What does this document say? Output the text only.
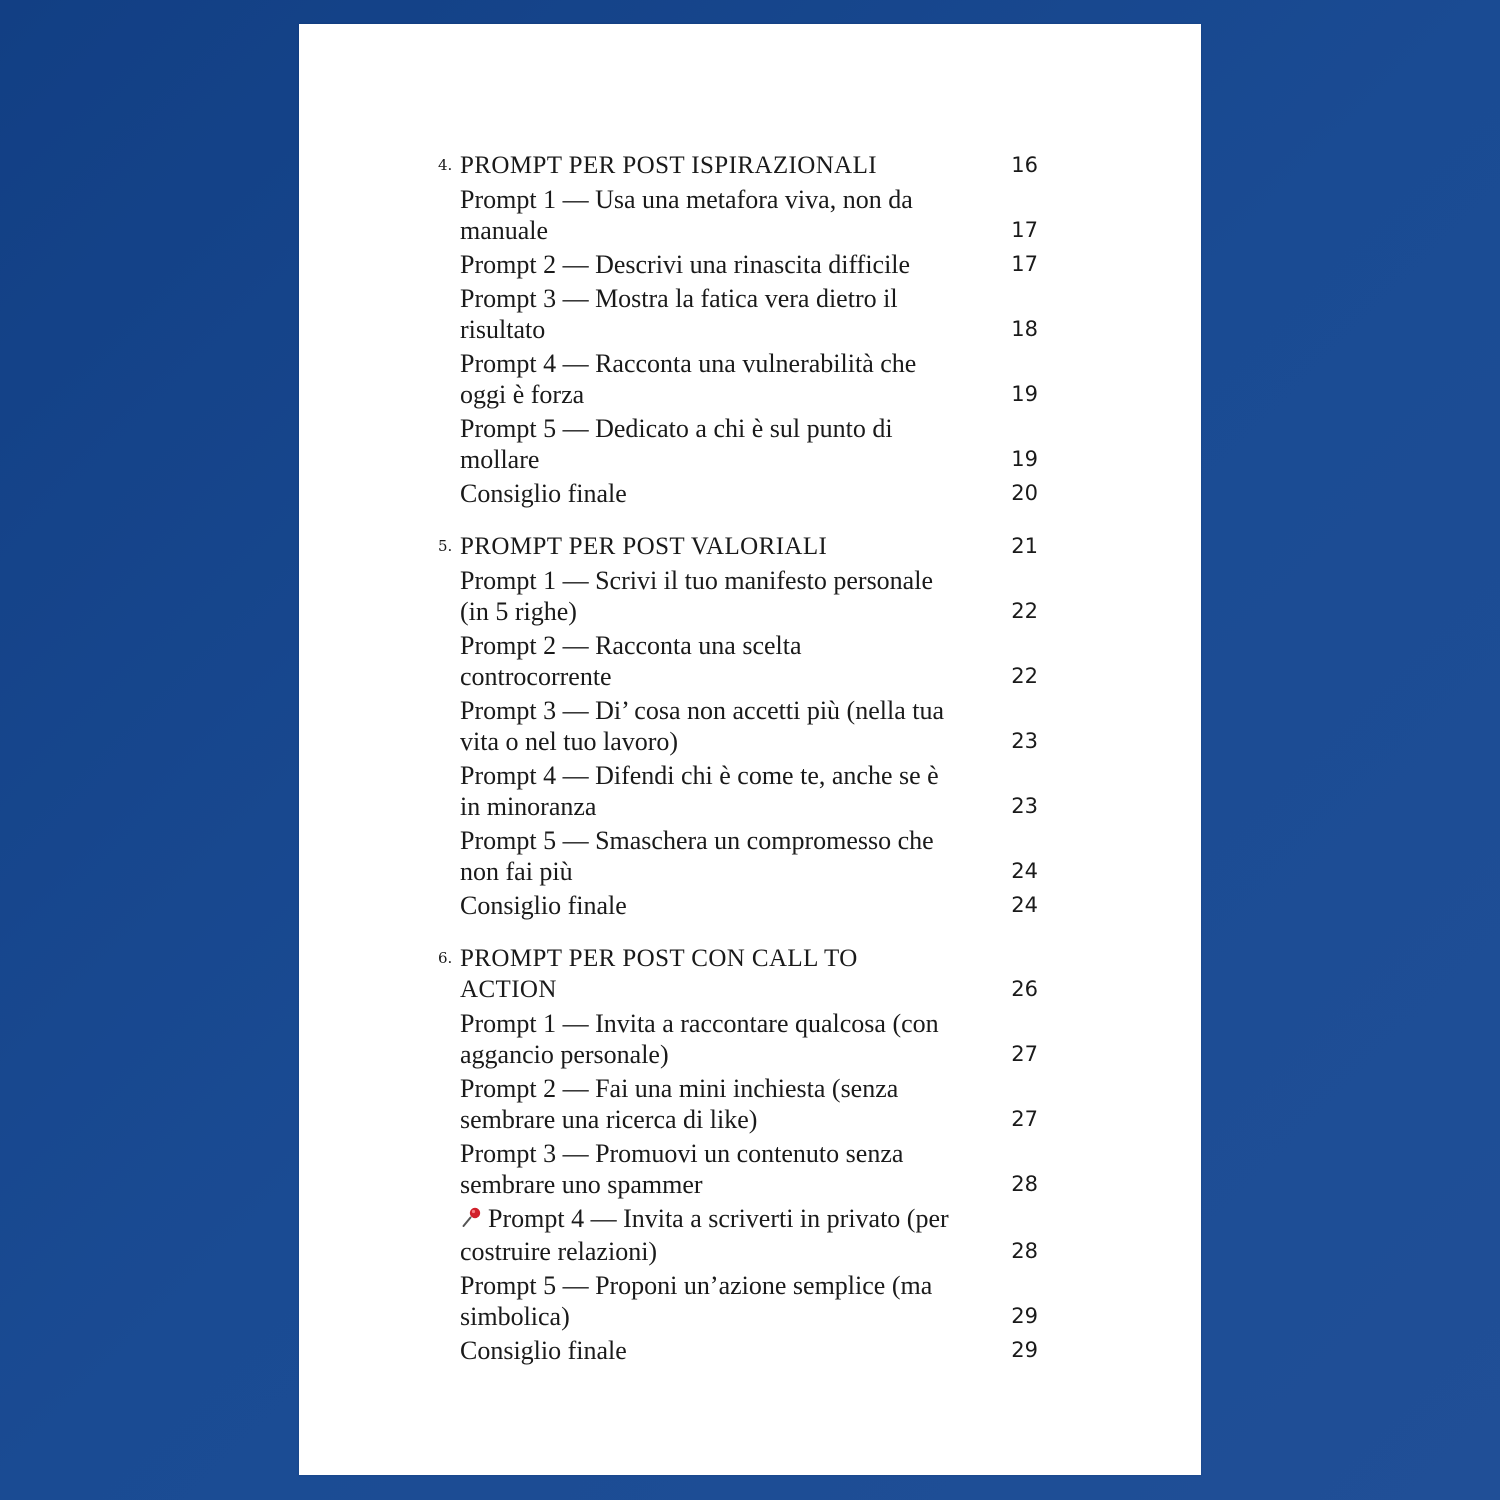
4. PROMPT PER POST ISPIRAZIONALI	16
Prompt 1 — Usa una metafora viva, non da manuale	17
Prompt 2 — Descrivi una rinascita difficile	17
Prompt 3 — Mostra la fatica vera dietro il risultato	18
Prompt 4 — Racconta una vulnerabilità che oggi è forza	19
Prompt 5 — Dedicato a chi è sul punto di mollare	19
Consiglio finale	20
5. PROMPT PER POST VALORIALI	21
Prompt 1 — Scrivi il tuo manifesto personale (in 5 righe)	22
Prompt 2 — Racconta una scelta controcorrente	22
Prompt 3 — Di’ cosa non accetti più (nella tua vita o nel tuo lavoro)	23
Prompt 4 — Difendi chi è come te, anche se è in minoranza	23
Prompt 5 — Smaschera un compromesso che non fai più	24
Consiglio finale	24
6. PROMPT PER POST CON CALL TO ACTION	26
Prompt 1 — Invita a raccontare qualcosa (con aggancio personale)	27
Prompt 2 — Fai una mini inchiesta (senza sembrare una ricerca di like)	27
Prompt 3 — Promuovi un contenuto senza sembrare uno spammer	28
Prompt 4 — Invita a scriverti in privato (per costruire relazioni)	28
Prompt 5 — Proponi un’azione semplice (ma simbolica)	29
Consiglio finale	29
